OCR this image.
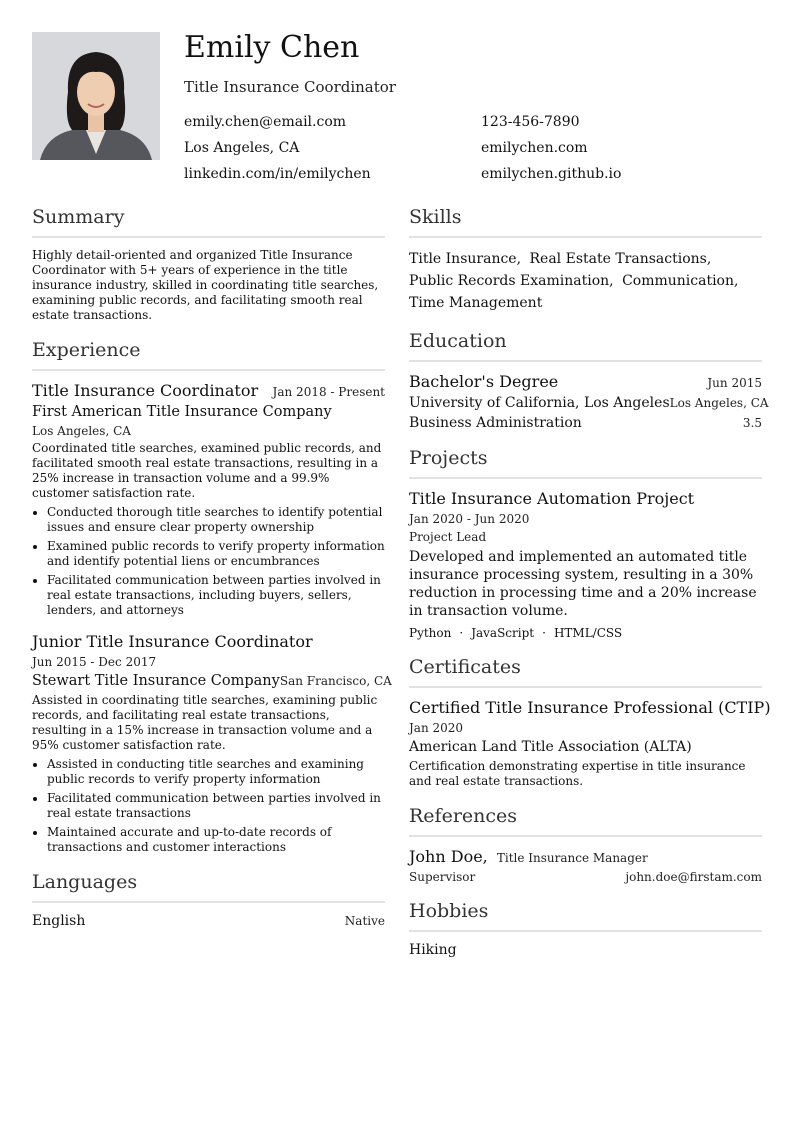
Emily Chen
Title Insurance Coordinator
emily.chen@email.com	123-456-7890
Los Angeles, CA	emilychen.com
linkedin.com/in/emilychen	emilychen.github.io
Summary
Highly detail-oriented and organized Title Insurance Coordinator with 5+ years of experience in the title insurance industry, skilled in coordinating title searches, examining public records, and facilitating smooth real estate transactions.
Experience
Title Insurance Coordinator Jan 2018 - Present
First American Title Insurance Company
Los Angeles, CA
Coordinated title searches, examined public records, and facilitated smooth real estate transactions, resulting in a 25% increase in transaction volume and a 99.9% customer satisfaction rate.
• Conducted thorough title searches to identify potential issues and ensure clear property ownership
• Examined public records to verify property information and identify potential liens or encumbrances
• Facilitated communication between parties involved in real estate transactions, including buyers, sellers, lenders, and attorneys
Junior Title Insurance Coordinator
Jun 2015 - Dec 2017
Stewart Title Insurance Company San Francisco, CA
Assisted in coordinating title searches, examining public records, and facilitating real estate transactions, resulting in a 15% increase in transaction volume and a 95% customer satisfaction rate.
• Assisted in conducting title searches and examining public records to verify property information
• Facilitated communication between parties involved in real estate transactions
• Maintained accurate and up-to-date records of transactions and customer interactions
Languages
English	Native
Skills
Title Insurance, Real Estate Transactions,
Public Records Examination, Communication,
Time Management
Education
Bachelor's Degree	Jun 2015
University of California, Los Angeles Los Angeles, CA
Business Administration	3.5
Projects
Title Insurance Automation Project
Jan 2020 - Jun 2020
Project Lead
Developed and implemented an automated title insurance processing system, resulting in a 30% reduction in processing time and a 20% increase in transaction volume.
Python · JavaScript · HTML/CSS
Certificates
Certified Title Insurance Professional (CTIP)
Jan 2020
American Land Title Association (ALTA)
Certification demonstrating expertise in title insurance and real estate transactions.
References
John Doe, Title Insurance Manager
Supervisor	john.doe@firstam.com
Hobbies
Hiking
